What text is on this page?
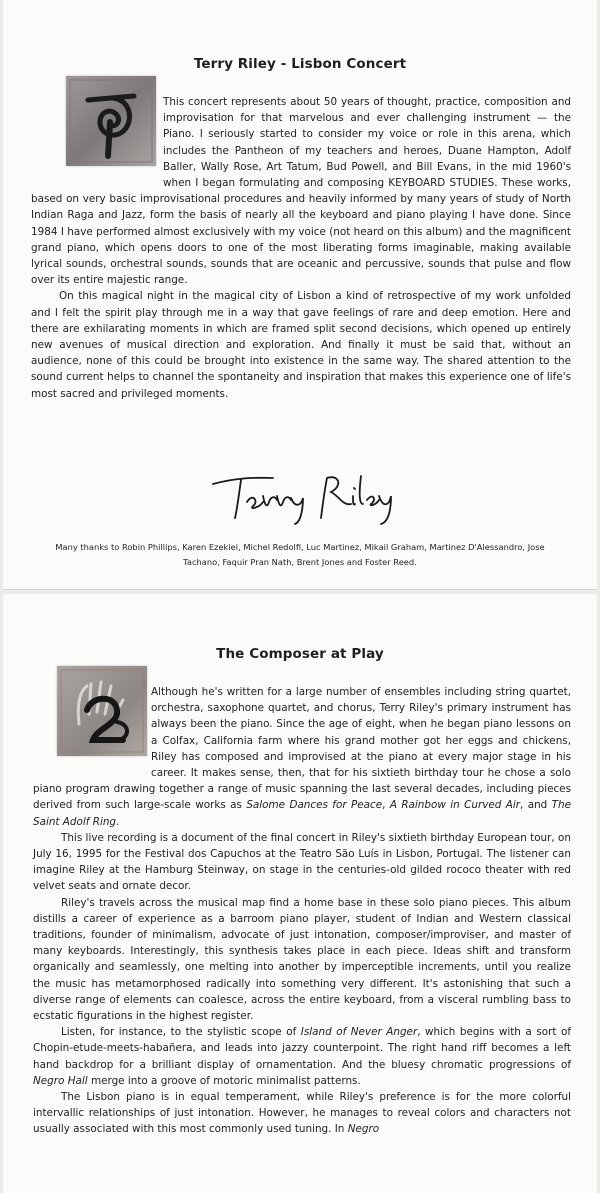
Terry Riley - Lisbon Concert

This concert represents about 50 years of thought, practice, composition and improvisation for that marvelous and ever challenging instrument — the Piano. I seriously started to consider my voice or role in this arena, which includes the Pantheon of my teachers and heroes, Duane Hampton, Adolf Baller, Wally Rose, Art Tatum, Bud Powell, and Bill Evans, in the mid 1960's when I began formulating and composing KEYBOARD STUDIES. These works, based on very basic improvisational procedures and heavily informed by many years of study of North Indian Raga and Jazz, form the basis of nearly all the keyboard and piano playing I have done. Since 1984 I have performed almost exclusively with my voice (not heard on this album) and the magnificent grand piano, which opens doors to one of the most liberating forms imaginable, making available lyrical sounds, orchestral sounds, sounds that are oceanic and percussive, sounds that pulse and flow over its entire majestic range.

On this magical night in the magical city of Lisbon a kind of retrospective of my work unfolded and I felt the spirit play through me in a way that gave feelings of rare and deep emotion. Here and there are exhilarating moments in which are framed split second decisions, which opened up entirely new avenues of musical direction and exploration. And finally it must be said that, without an audience, none of this could be brought into existence in the same way. The shared attention to the sound current helps to channel the spontaneity and inspiration that makes this experience one of life's most sacred and privileged moments.

Many thanks to Robin Phillips, Karen Ezekiel, Michel Redolfi, Luc Martinez, Mikail Graham, Martinez D'Alessandro, Jose Tachano, Faquir Pran Nath, Brent Jones and Foster Reed.
The Composer at Play

Although he's written for a large number of ensembles including string quartet, orchestra, saxophone quartet, and chorus, Terry Riley's primary instrument has always been the piano. Since the age of eight, when he began piano lessons on a Colfax, California farm where his grand mother got her eggs and chickens, Riley has composed and improvised at the piano at every major stage in his career. It makes sense, then, that for his sixtieth birthday tour he chose a solo piano program drawing together a range of music spanning the last several decades, including pieces derived from such large-scale works as Salome Dances for Peace, A Rainbow in Curved Air, and The Saint Adolf Ring.

This live recording is a document of the final concert in Riley's sixtieth birthday European tour, on July 16, 1995 for the Festival dos Capuchos at the Teatro São Luís in Lisbon, Portugal. The listener can imagine Riley at the Hamburg Steinway, on stage in the centuries-old gilded rococo theater with red velvet seats and ornate decor.

Riley's travels across the musical map find a home base in these solo piano pieces. This album distills a career of experience as a barroom piano player, student of Indian and Western classical traditions, founder of minimalism, advocate of just intonation, composer/improviser, and master of many keyboards. Interestingly, this synthesis takes place in each piece. Ideas shift and transform organically and seamlessly, one melting into another by imperceptible increments, until you realize the music has metamorphosed radically into something very different. It's astonishing that such a diverse range of elements can coalesce, across the entire keyboard, from a visceral rumbling bass to ecstatic figurations in the highest register.

Listen, for instance, to the stylistic scope of Island of Never Anger, which begins with a sort of Chopin-etude-meets-habañera, and leads into jazzy counterpoint. The right hand riff becomes a left hand backdrop for a brilliant display of ornamentation. And the bluesy chromatic progressions of Negro Hall merge into a groove of motoric minimalist patterns.

The Lisbon piano is in equal temperament, while Riley's preference is for the more colorful intervallic relationships of just intonation. However, he manages to reveal colors and characters not usually associated with this most commonly used tuning. In Negro
